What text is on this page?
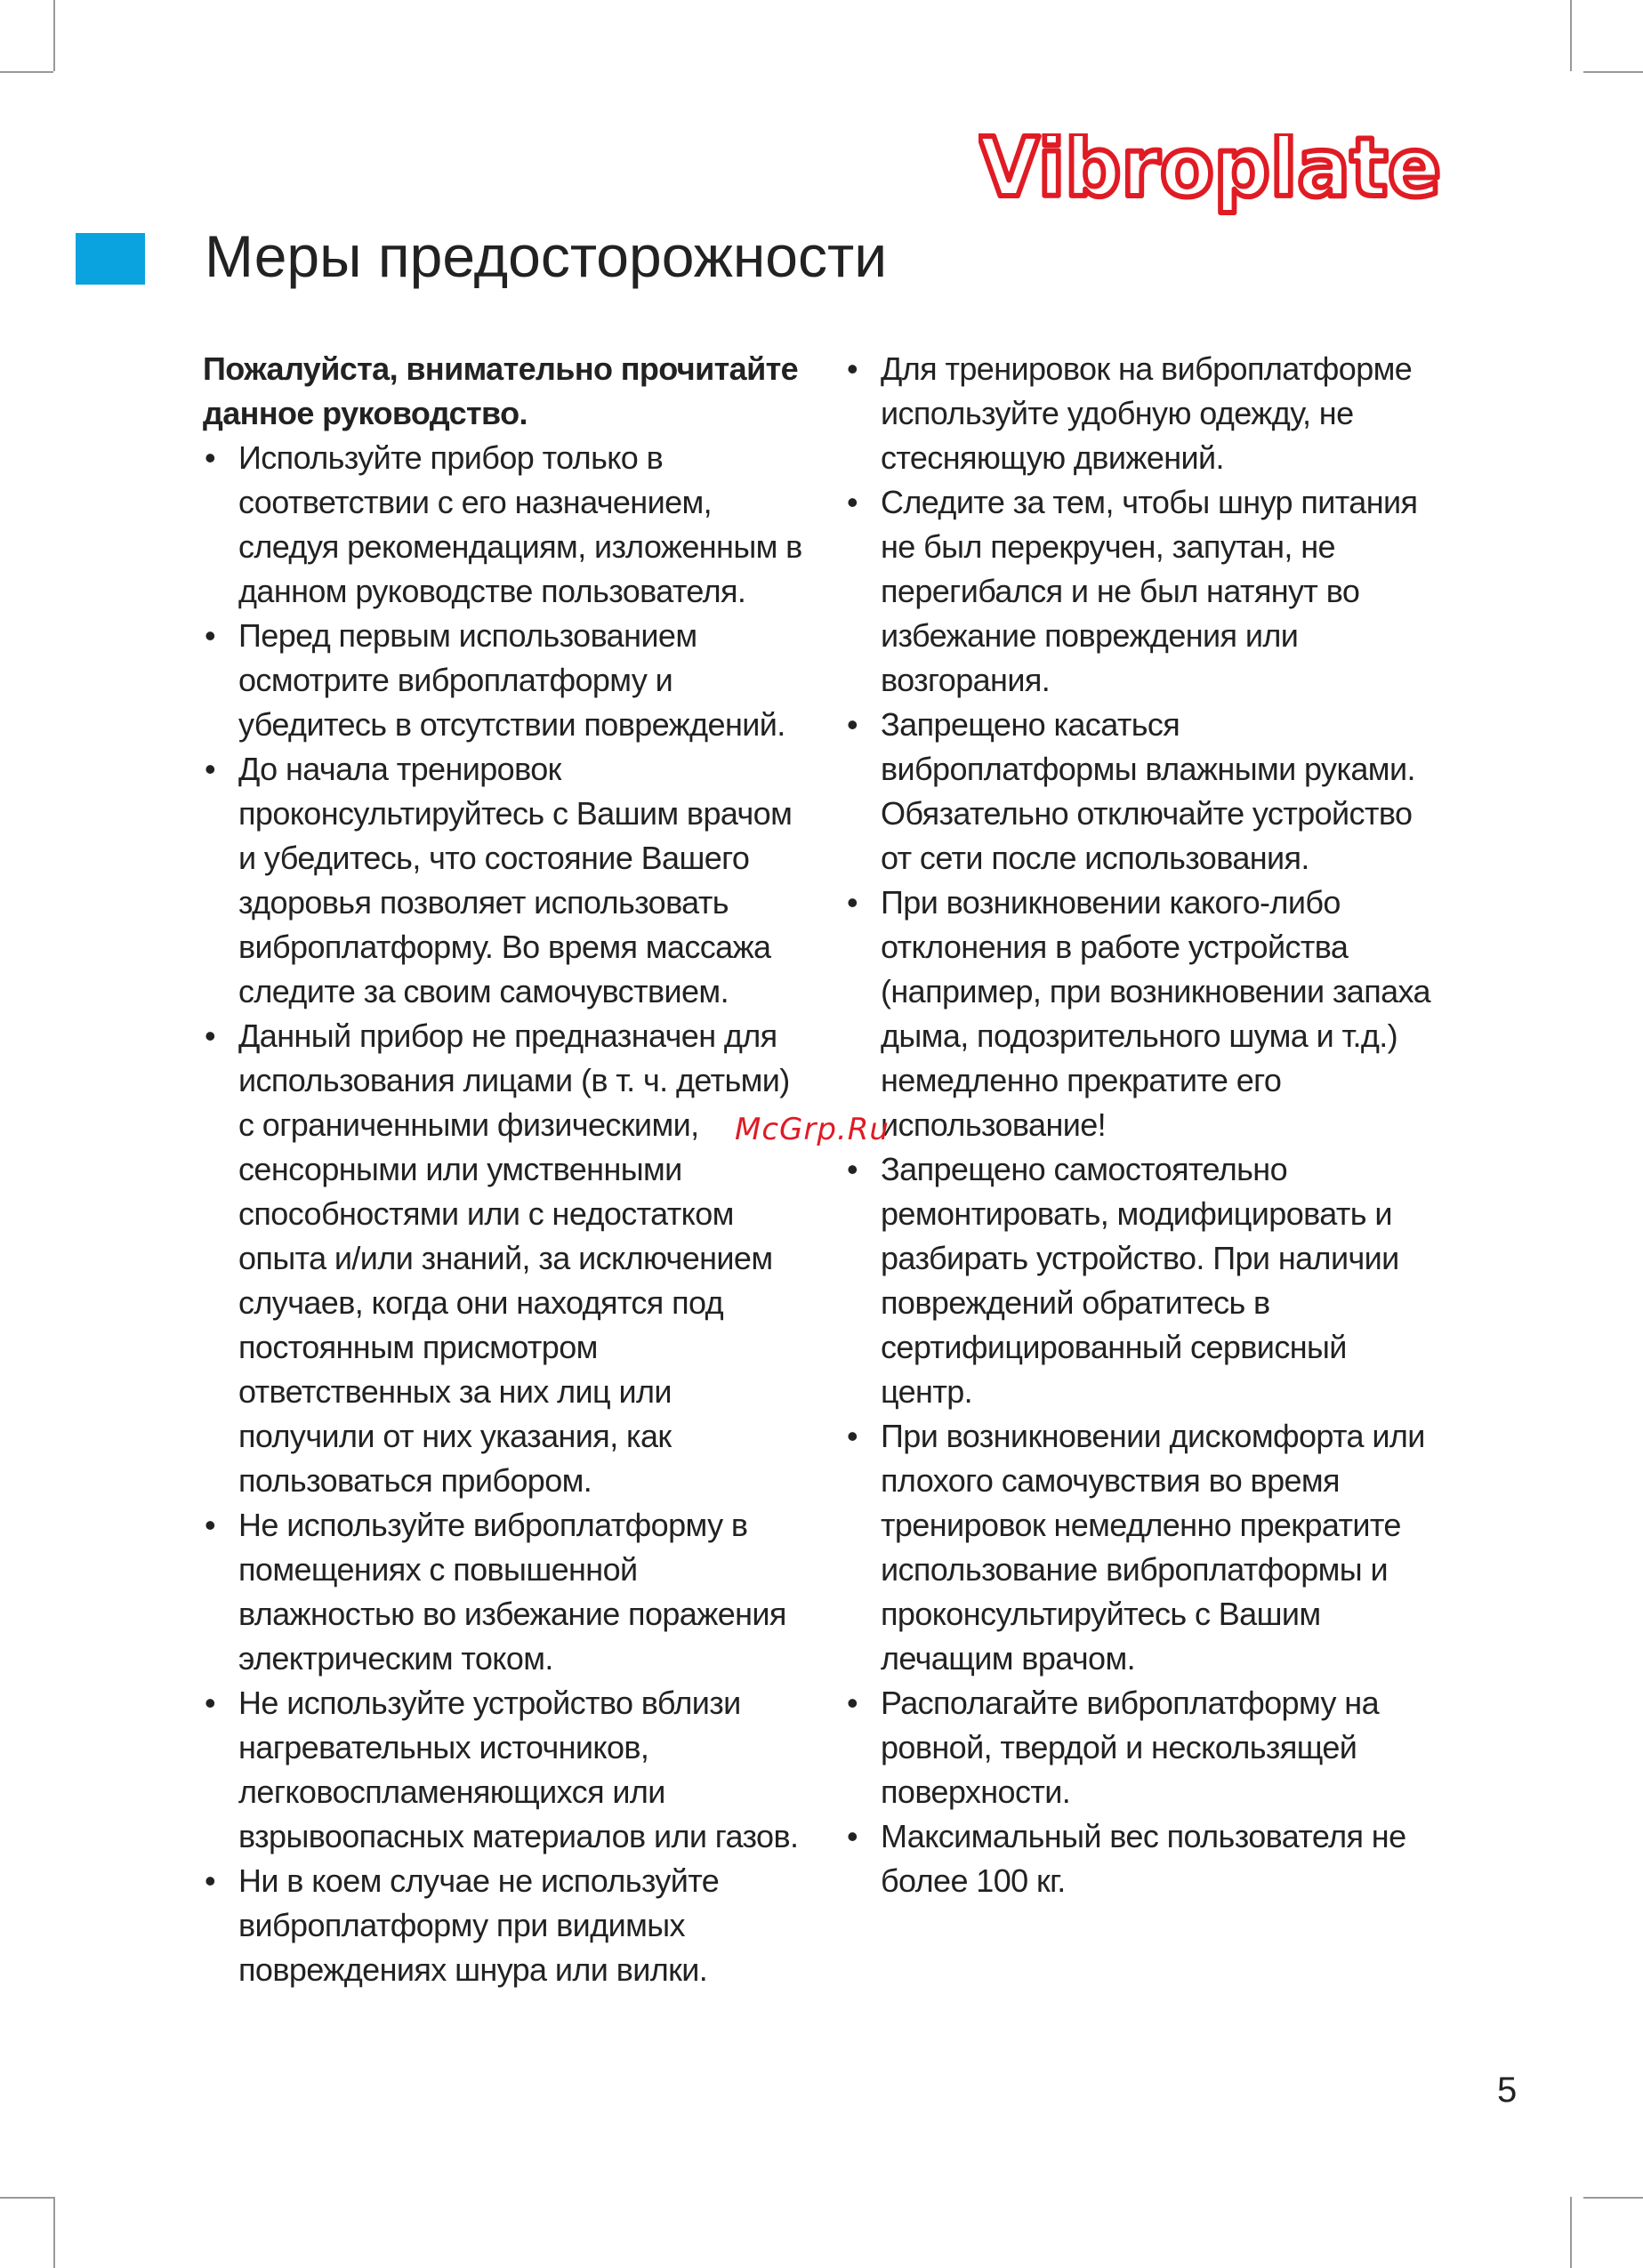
Vibroplate
Меры предосторожности

Пожалуйста, внимательно прочитайте данное руководство.

• Используйте прибор только в соответствии с его назначением, следуя рекомендациям, изложенным в данном руководстве пользователя.
• Перед первым использованием осмотрите виброплатформу и убедитесь в отсутствии повреждений.
• До начала тренировок проконсультируйтесь с Вашим врачом и убедитесь, что состояние Вашего здоровья позволяет использовать виброплатформу. Во время массажа следите за своим самочувствием.
• Данный прибор не предназначен для использования лицами (в т. ч. детьми) с ограниченными физическими, сенсорными или умственными способностями или с недостатком опыта и/или знаний, за исключением случаев, когда они находятся под постоянным присмотром ответственных за них лиц или получили от них указания, как пользоваться прибором.
• Не используйте виброплатформу в помещениях с повышенной влажностью во избежание поражения электрическим током.
• Не используйте устройство вблизи нагревательных источников, легковоспламеняющихся или взрывоопасных материалов или газов.
• Ни в коем случае не используйте виброплатформу при видимых повреждениях шнура или вилки.
• Для тренировок на виброплатформе используйте удобную одежду, не стесняющую движений.
• Следите за тем, чтобы шнур питания не был перекручен, запутан, не перегибался и не был натянут во избежание повреждения или возгорания.
• Запрещено касаться виброплатформы влажными руками. Обязательно отключайте устройство от сети после использования.
• При возникновении какого-либо отклонения в работе устройства (например, при возникновении запаха дыма, подозрительного шума и т.д.) немедленно прекратите его использование!
• Запрещено самостоятельно ремонтировать, модифицировать и разбирать устройство. При наличии повреждений обратитесь в сертифицированный сервисный центр.
• При возникновении дискомфорта или плохого самочувствия во время тренировок немедленно прекратите использование виброплатформы и проконсультируйтесь с Вашим лечащим врачом.
• Располагайте виброплатформу на ровной, твердой и нескользящей поверхности.
• Максимальный вес пользователя не более 100 кг.
McGrp.Ru
5
